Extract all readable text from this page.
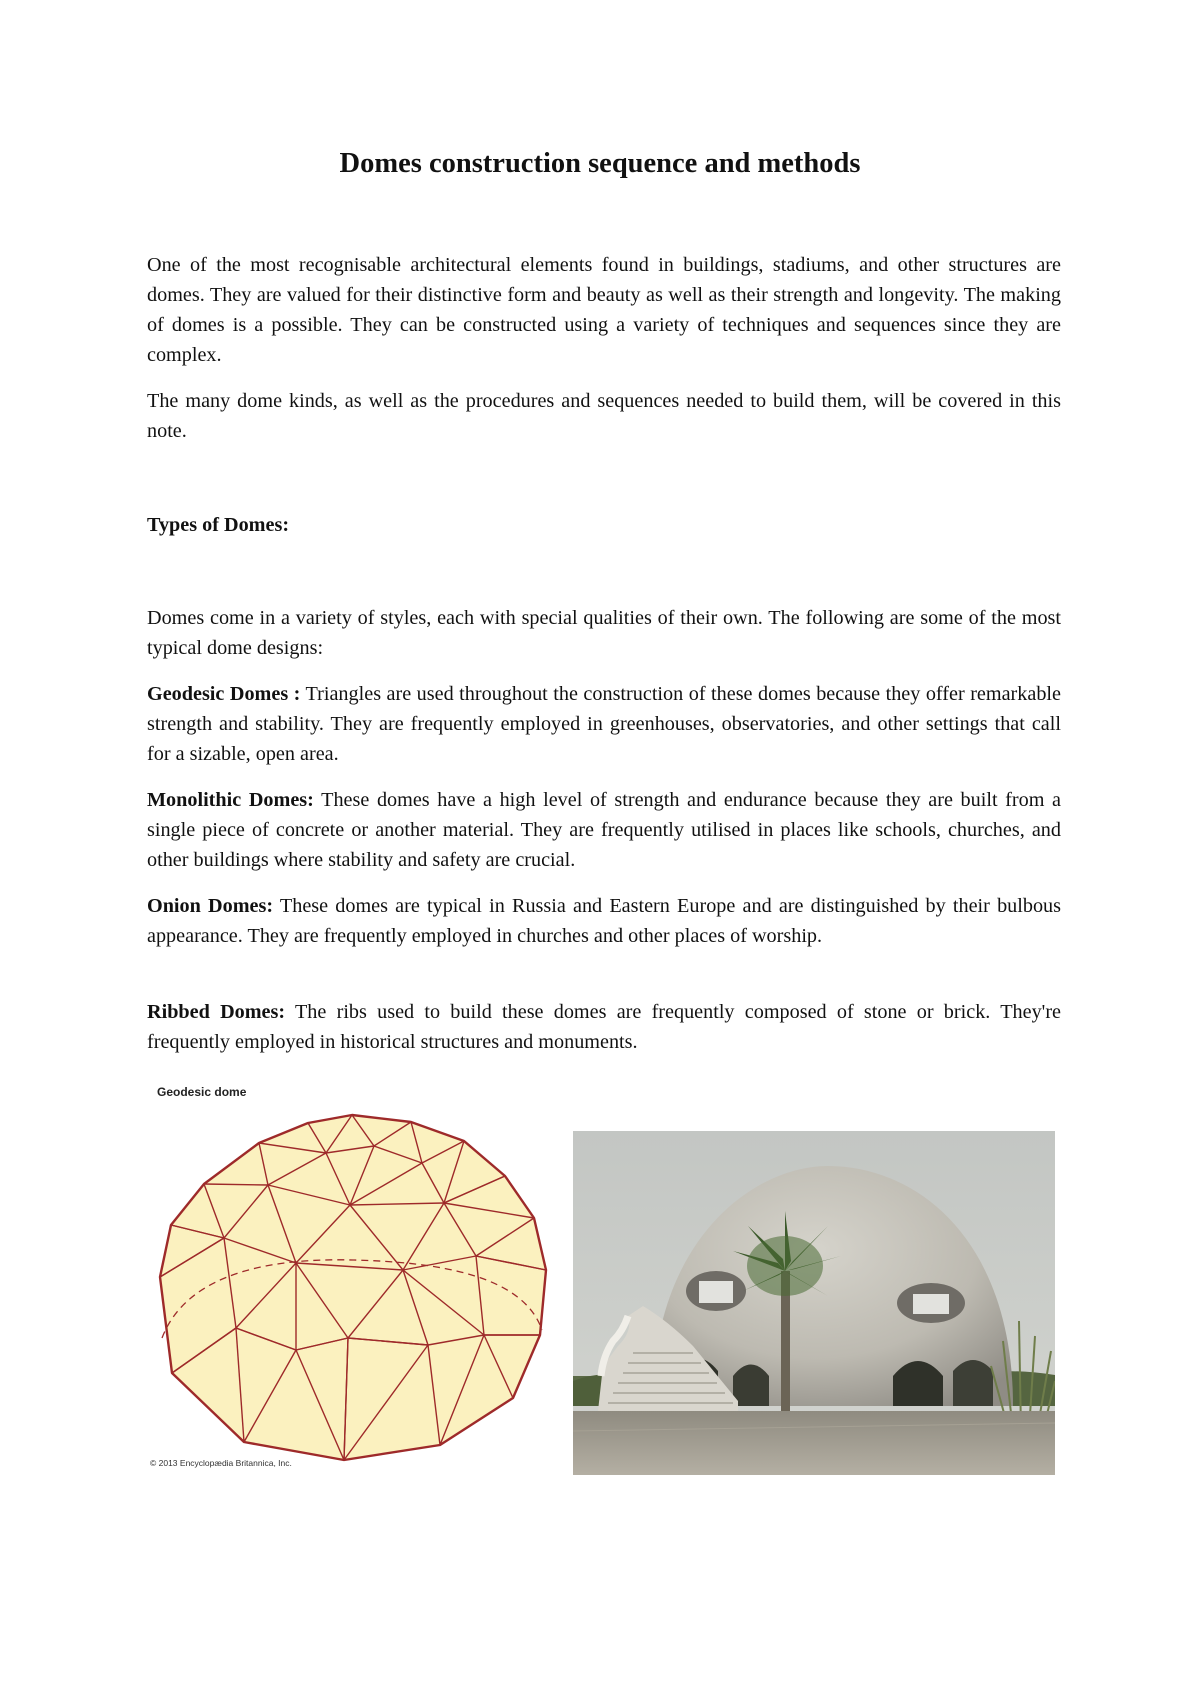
Domes construction sequence and methods

One of the most recognisable architectural elements found in buildings, stadiums, and other structures are domes. They are valued for their distinctive form and beauty as well as their strength and longevity. The making of domes is a possible. They can be constructed using a variety of techniques and sequences since they are complex.

The many dome kinds, as well as the procedures and sequences needed to build them, will be covered in this note.

Types of Domes:

Domes come in a variety of styles, each with special qualities of their own. The following are some of the most typical dome designs:

Geodesic Domes : Triangles are used throughout the construction of these domes because they offer remarkable strength and stability. They are frequently employed in greenhouses, observatories, and other settings that call for a sizable, open area.

Monolithic Domes: These domes have a high level of strength and endurance because they are built from a single piece of concrete or another material. They are frequently utilised in places like schools, churches, and other buildings where stability and safety are crucial.

Onion Domes: These domes are typical in Russia and Eastern Europe and are distinguished by their bulbous appearance. They are frequently employed in churches and other places of worship.

Ribbed Domes: The ribs used to build these domes are frequently composed of stone or brick. They're frequently employed in historical structures and monuments.

Geodesic dome
© 2013 Encyclopædia Britannica, Inc.
